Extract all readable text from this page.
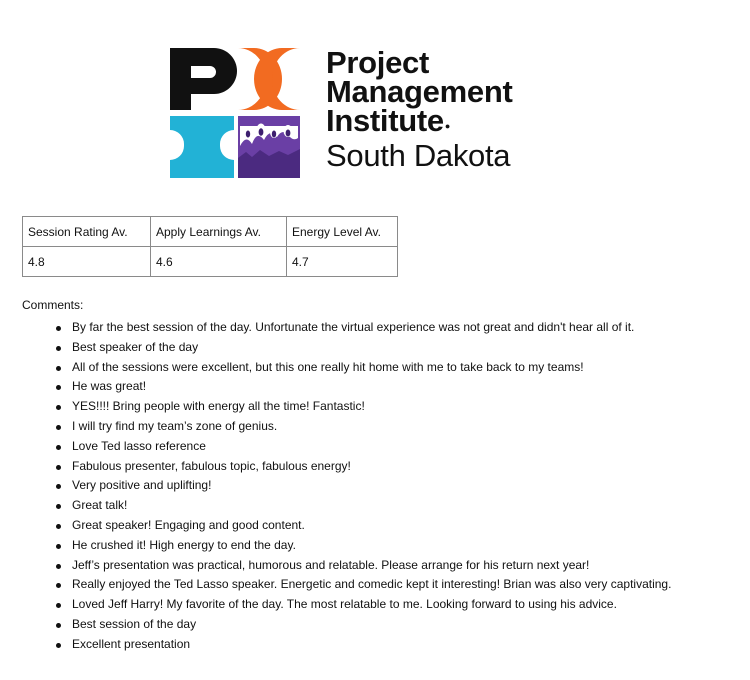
Project
Management
Institute●
South Dakota
Session Rating Av.	Apply Learnings Av.	Energy Level Av.
4.8	4.6	4.7
Comments:
By far the best session of the day. Unfortunate the virtual experience was not great and didn't hear all of it.
Best speaker of the day
All of the sessions were excellent, but this one really hit home with me to take back to my teams!
He was great!
YES!!!! Bring people with energy all the time! Fantastic!
I will try find my team’s zone of genius.
Love Ted lasso reference
Fabulous presenter, fabulous topic, fabulous energy!
Very positive and uplifting!
Great talk!
Great speaker! Engaging and good content.
He crushed it! High energy to end the day.
Jeff’s presentation was practical, humorous and relatable. Please arrange for his return next year!
Really enjoyed the Ted Lasso speaker. Energetic and comedic kept it interesting! Brian was also very captivating.
Loved Jeff Harry! My favorite of the day. The most relatable to me. Looking forward to using his advice.
Best session of the day
Excellent presentation
